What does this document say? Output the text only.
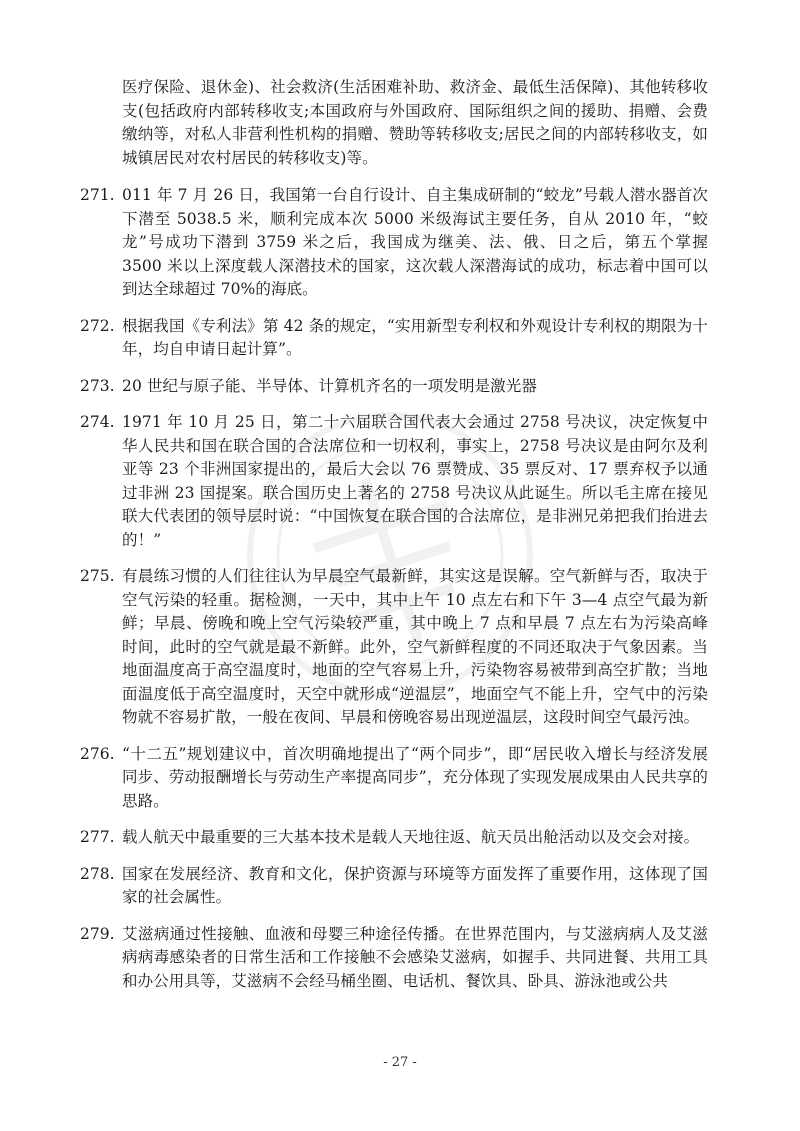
医疗保险、退休金)、社会救济(生活困难补助、救济金、最低生活保障)、其他转移收支(包括政府内部转移收支;本国政府与外国政府、国际组织之间的援助、捐赠、会费缴纳等，对私人非营利性机构的捐赠、赞助等转移收支;居民之间的内部转移收支，如城镇居民对农村居民的转移收支)等。

271. 011 年 7 月 26 日，我国第一台自行设计、自主集成研制的“蛟龙”号载人潜水器首次下潜至 5038.5 米，顺利完成本次 5000 米级海试主要任务，自从 2010 年，“蛟龙”号成功下潜到 3759 米之后，我国成为继美、法、俄、日之后，第五个掌握 3500 米以上深度载人深潜技术的国家，这次载人深潜海试的成功，标志着中国可以到达全球超过 70%的海底。
272. 根据我国《专利法》第 42 条的规定，“实用新型专利权和外观设计专利权的期限为十年，均自申请日起计算”。
273. 20 世纪与原子能、半导体、计算机齐名的一项发明是激光器
274. 1971 年 10 月 25 日，第二十六届联合国代表大会通过 2758 号决议，决定恢复中华人民共和国在联合国的合法席位和一切权利，事实上，2758 号决议是由阿尔及利亚等 23 个非洲国家提出的，最后大会以 76 票赞成、35 票反对、17 票弃权予以通过非洲 23 国提案。联合国历史上著名的 2758 号决议从此诞生。所以毛主席在接见联大代表团的领导层时说：“中国恢复在联合国的合法席位，是非洲兄弟把我们抬进去的！”
275. 有晨练习惯的人们往往认为早晨空气最新鲜，其实这是误解。空气新鲜与否，取决于空气污染的轻重。据检测，一天中，其中上午 10 点左右和下午 3—4 点空气最为新鲜；早晨、傍晚和晚上空气污染较严重，其中晚上 7 点和早晨 7 点左右为污染高峰时间，此时的空气就是最不新鲜。此外，空气新鲜程度的不同还取决于气象因素。当地面温度高于高空温度时，地面的空气容易上升，污染物容易被带到高空扩散；当地面温度低于高空温度时，天空中就形成“逆温层”，地面空气不能上升，空气中的污染物就不容易扩散，一般在夜间、早晨和傍晚容易出现逆温层，这段时间空气最污浊。
276. “十二五”规划建议中，首次明确地提出了“两个同步”，即“居民收入增长与经济发展同步、劳动报酬增长与劳动生产率提高同步”，充分体现了实现发展成果由人民共享的思路。
277. 载人航天中最重要的三大基本技术是载人天地往返、航天员出舱活动以及交会对接。
278. 国家在发展经济、教育和文化，保护资源与环境等方面发挥了重要作用，这体现了国家的社会属性。
279. 艾滋病通过性接触、血液和母婴三种途径传播。在世界范围内，与艾滋病病人及艾滋病病毒感染者的日常生活和工作接触不会感染艾滋病，如握手、共同进餐、共用工具和办公用具等，艾滋病不会经马桶坐圈、电话机、餐饮具、卧具、游泳池或公共
- 27 -
